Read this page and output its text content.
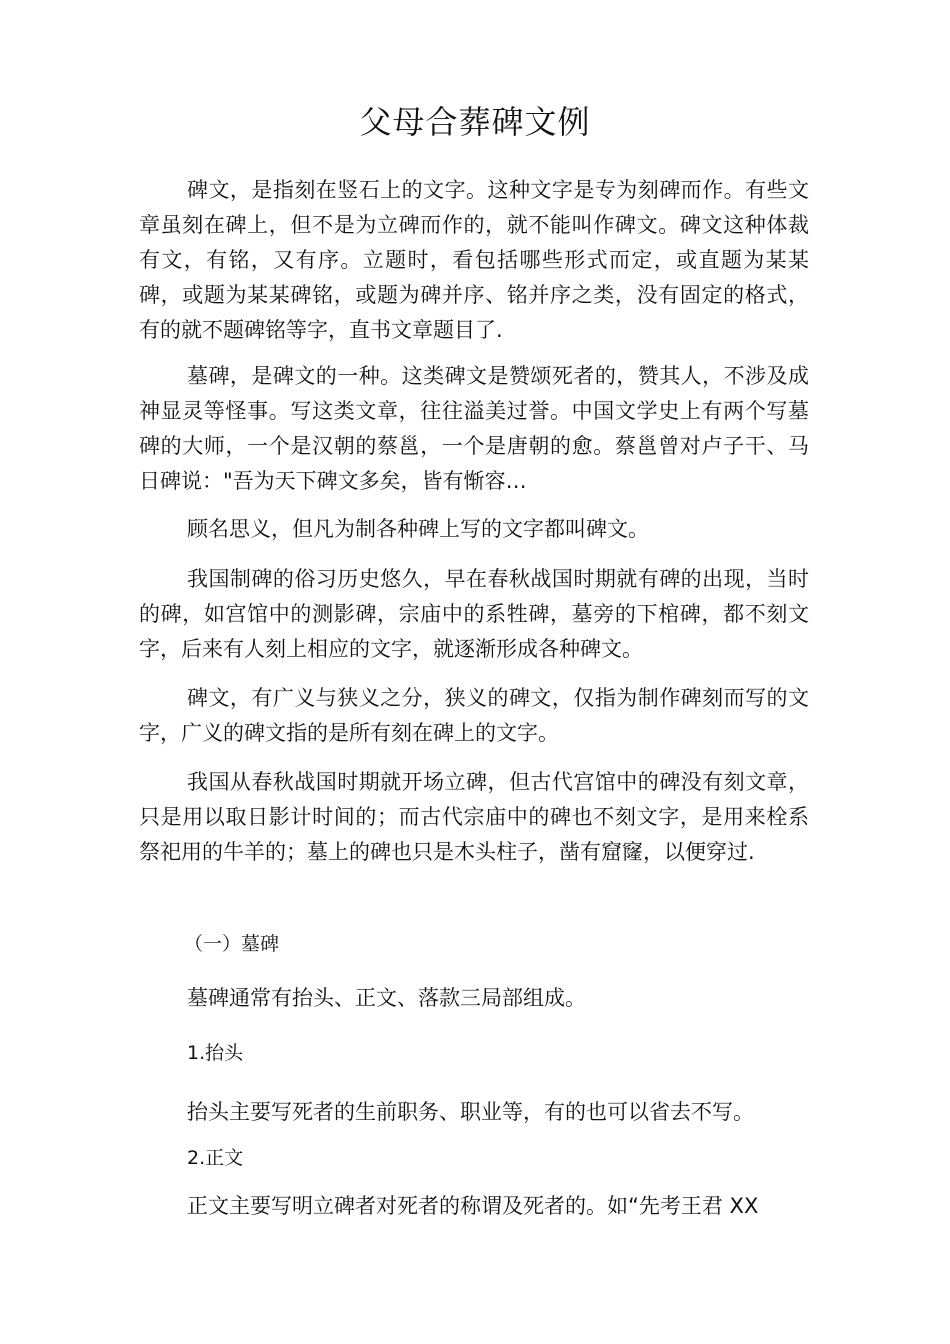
父母合葬碑文例

碑文，是指刻在竖石上的文字。这种文字是专为刻碑而作。有些文章虽刻在碑上，但不是为立碑而作的，就不能叫作碑文。碑文这种体裁有文，有铭，又有序。立题时，看包括哪些形式而定，或直题为某某碑，或题为某某碑铭，或题为碑并序、铭并序之类，没有固定的格式，有的就不题碑铭等字，直书文章题目了.

墓碑，是碑文的一种。这类碑文是赞颂死者的，赞其人，不涉及成神显灵等怪事。写这类文章，往往溢美过誉。中国文学史上有两个写墓碑的大师，一个是汉朝的蔡邕，一个是唐朝的愈。蔡邕曾对卢子干、马日碑说："吾为天下碑文多矣，皆有惭容…

顾名思义，但凡为制各种碑上写的文字都叫碑文。

我国制碑的俗习历史悠久，早在春秋战国时期就有碑的出现，当时的碑，如宫馆中的测影碑，宗庙中的系牲碑，墓旁的下棺碑，都不刻文字，后来有人刻上相应的文字，就逐渐形成各种碑文。

碑文，有广义与狭义之分，狭义的碑文，仅指为制作碑刻而写的文字，广义的碑文指的是所有刻在碑上的文字。

我国从春秋战国时期就开场立碑，但古代宫馆中的碑没有刻文章，只是用以取日影计时间的；而古代宗庙中的碑也不刻文字，是用来栓系祭祀用的牛羊的；墓上的碑也只是木头柱子，凿有窟窿，以便穿过.

（一）墓碑
墓碑通常有抬头、正文、落款三局部组成。
1.抬头
抬头主要写死者的生前职务、职业等，有的也可以省去不写。
2.正文
正文主要写明立碑者对死者的称谓及死者的。如“先考王君 XX
